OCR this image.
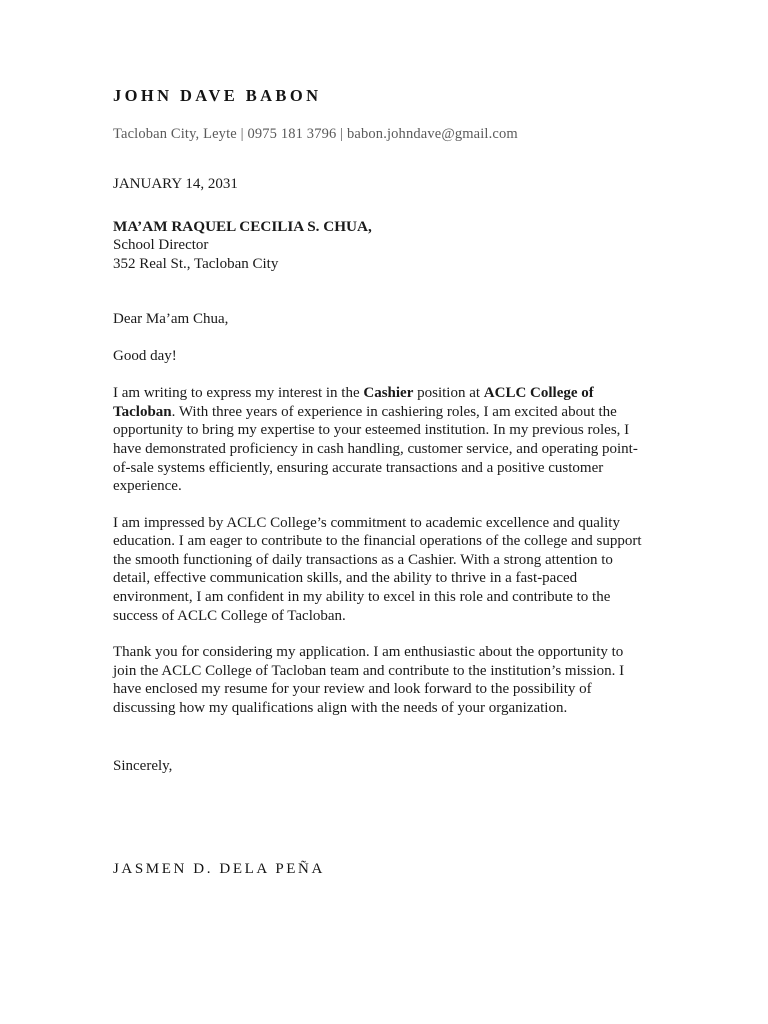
JOHN DAVE BABON
Tacloban City, Leyte | 0975 181 3796 | babon.johndave@gmail.com
JANUARY 14, 2031
MA’AM RAQUEL CECILIA S. CHUA,
School Director
352 Real St., Tacloban City
Dear Ma’am Chua,
Good day!

I am writing to express my interest in the Cashier position at ACLC College of Tacloban. With three years of experience in cashiering roles, I am excited about the opportunity to bring my expertise to your esteemed institution. In my previous roles, I have demonstrated proficiency in cash handling, customer service, and operating point-of-sale systems efficiently, ensuring accurate transactions and a positive customer experience.

I am impressed by ACLC College’s commitment to academic excellence and quality education. I am eager to contribute to the financial operations of the college and support the smooth functioning of daily transactions as a Cashier. With a strong attention to detail, effective communication skills, and the ability to thrive in a fast-paced environment, I am confident in my ability to excel in this role and contribute to the success of ACLC College of Tacloban.

Thank you for considering my application. I am enthusiastic about the opportunity to join the ACLC College of Tacloban team and contribute to the institution’s mission. I have enclosed my resume for your review and look forward to the possibility of discussing how my qualifications align with the needs of your organization.

Sincerely,
JASMEN D. DELA PEÑA
